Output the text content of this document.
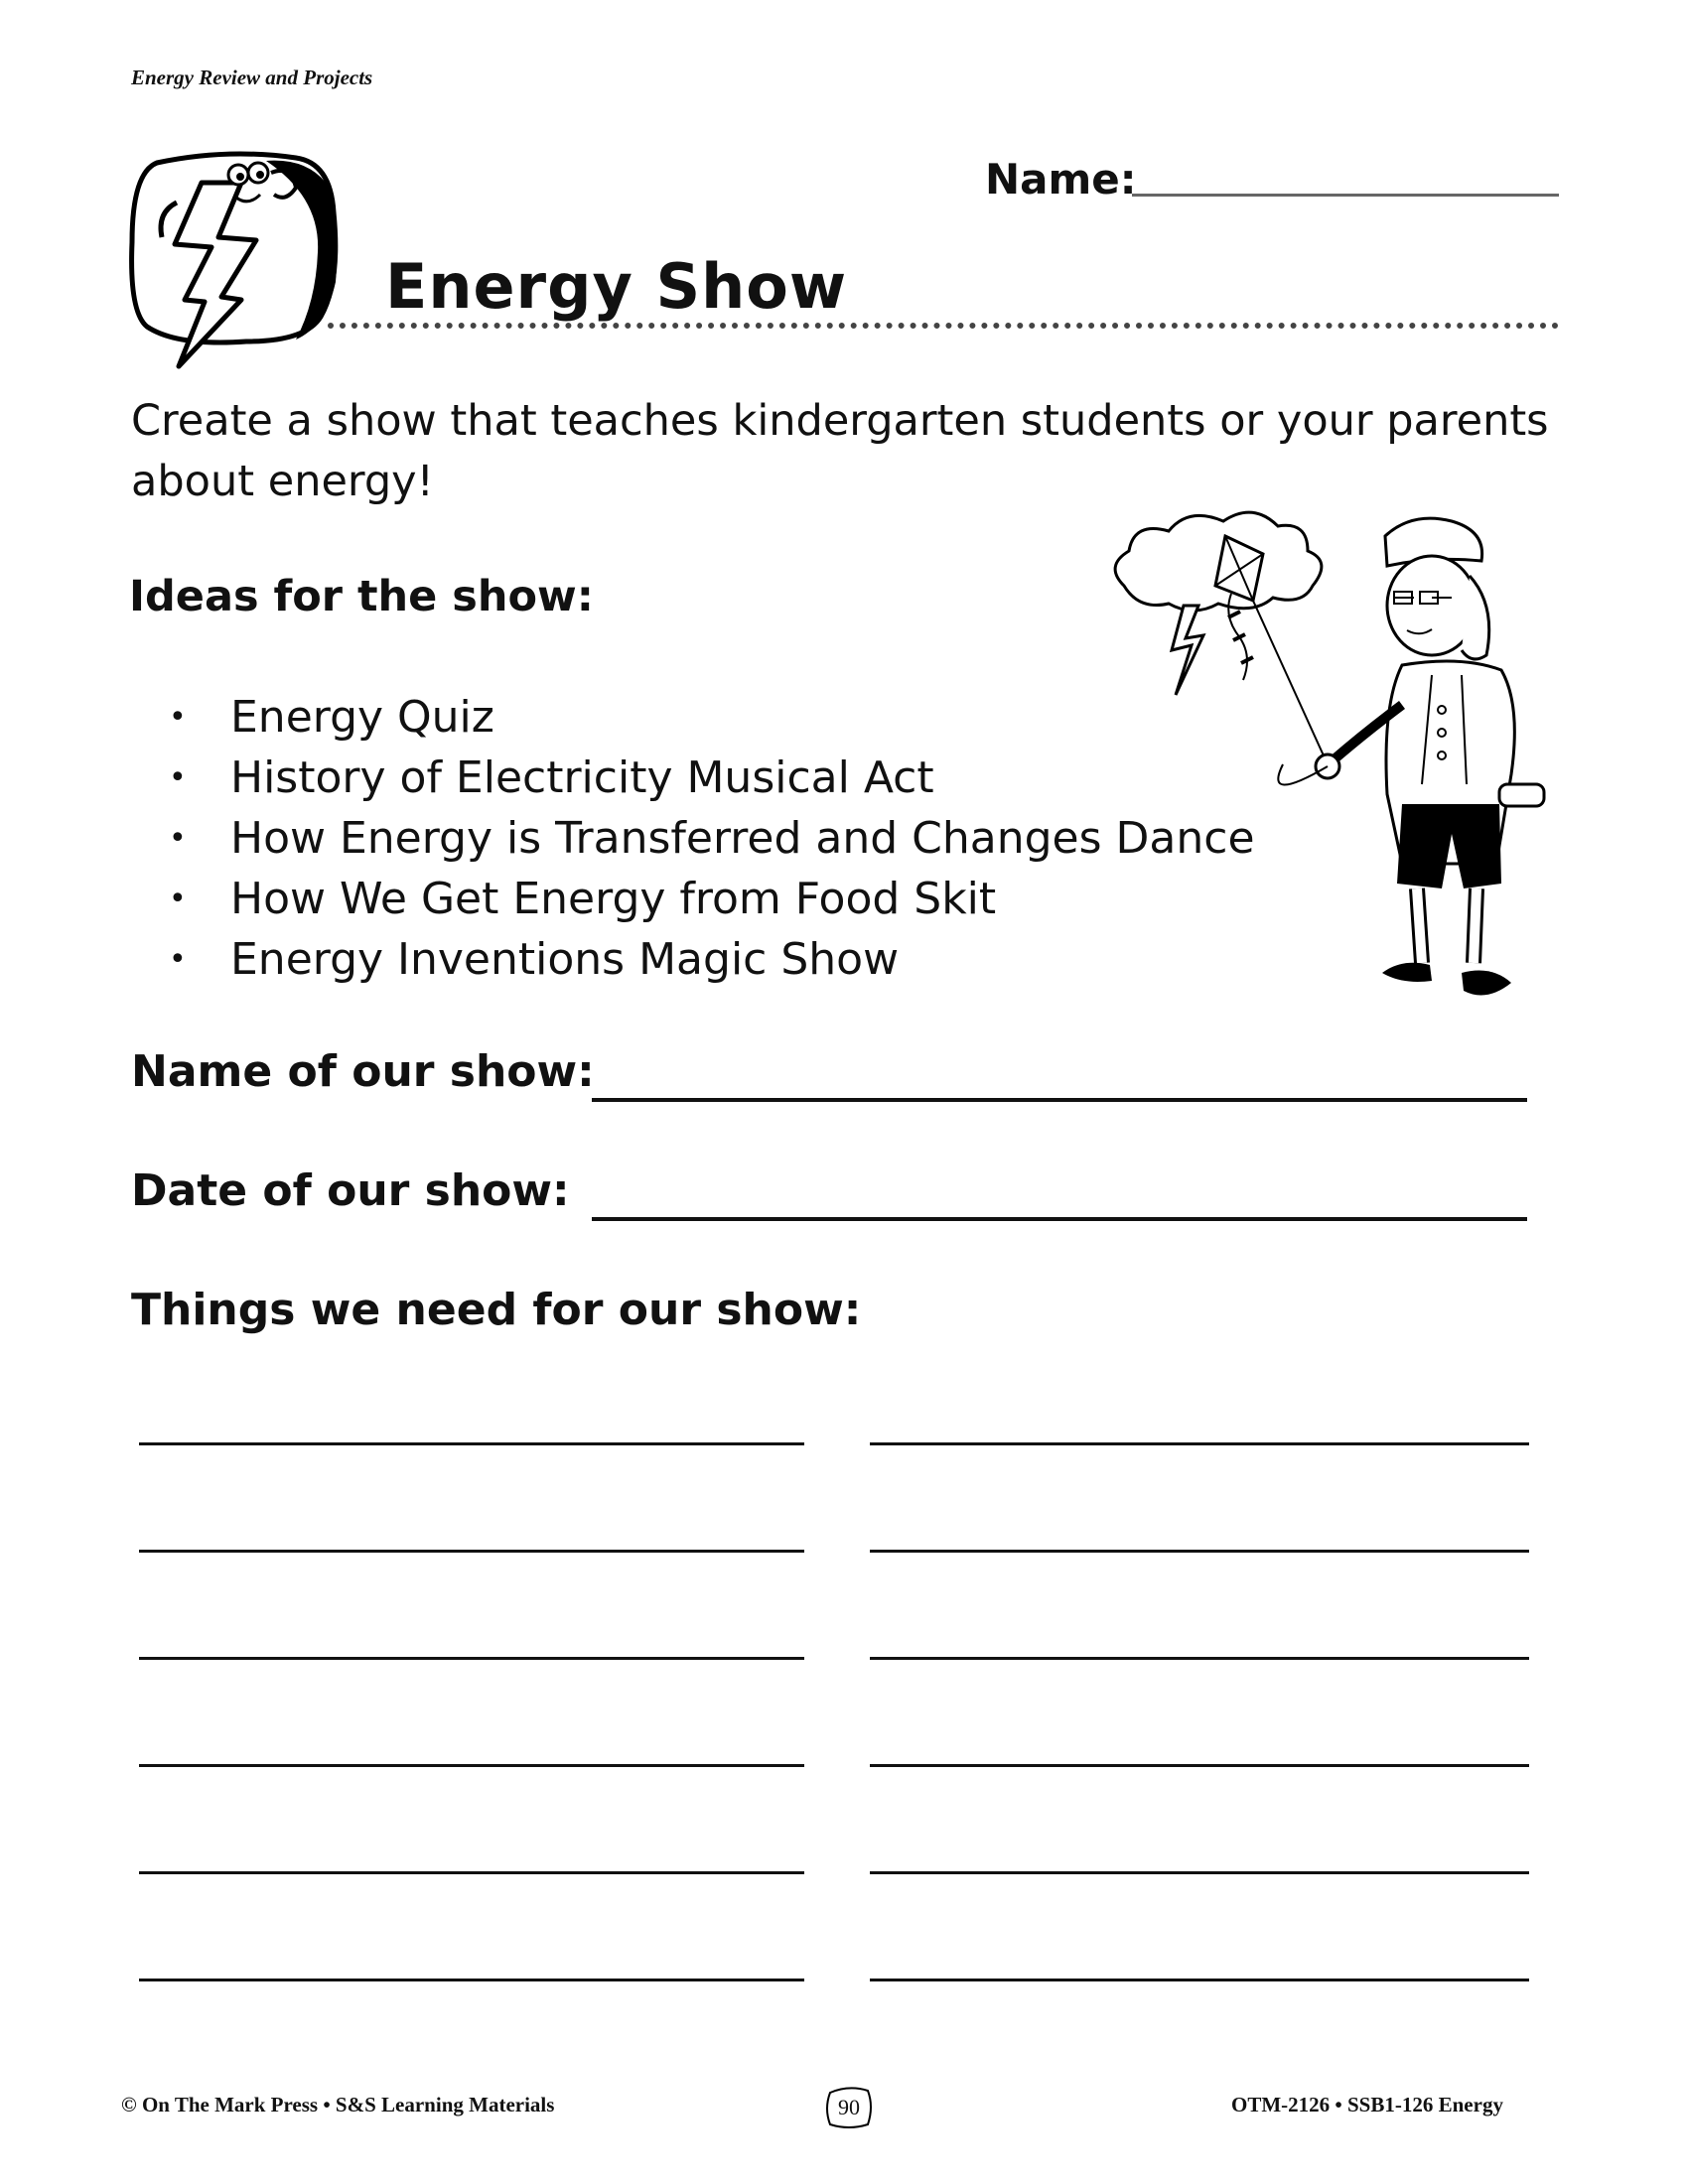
Energy Review and Projects
Name:
Energy Show
Create a show that teaches kindergarten students or your parents about energy!
Ideas for the show:
• Energy Quiz
• History of Electricity Musical Act
• How Energy is Transferred and Changes Dance
• How We Get Energy from Food Skit
• Energy Inventions Magic Show
Name of our show:
Date of our show:
Things we need for our show:
© On The Mark Press • S&S Learning Materials	90	OTM-2126 • SSB1-126 Energy
